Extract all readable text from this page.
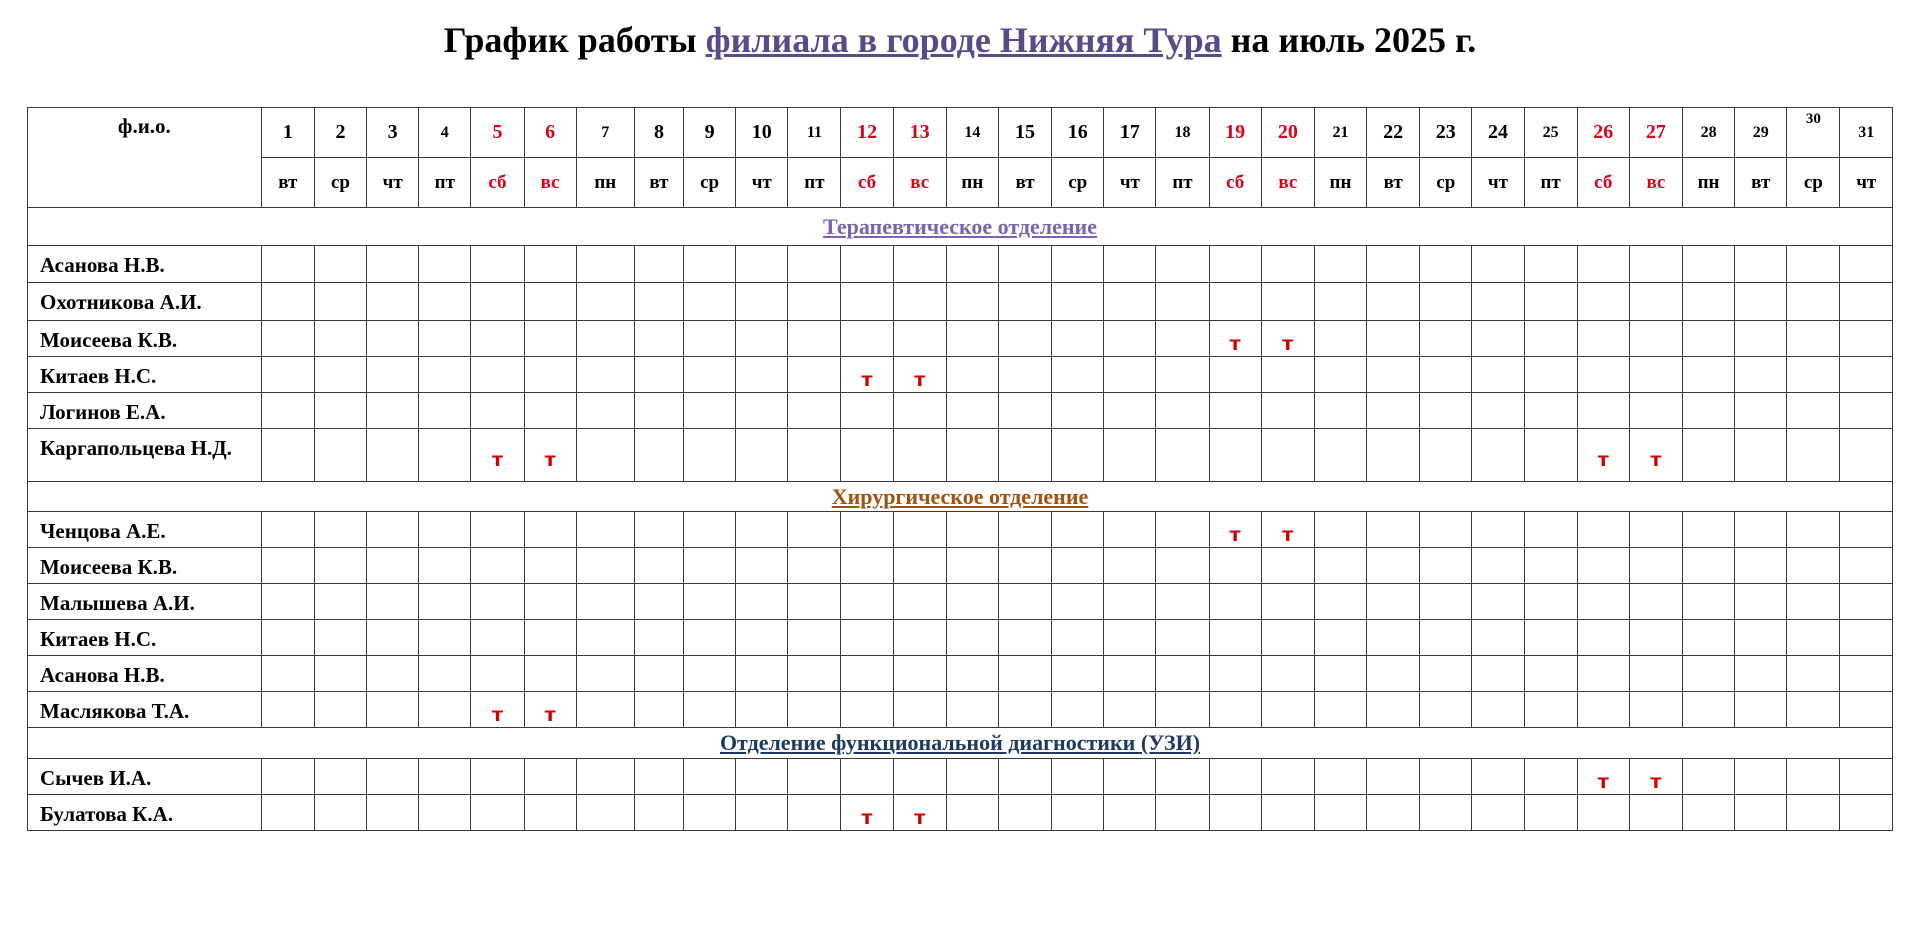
График работы филиала в городе Нижняя Тура на июль 2025 г.
ф.и.о.	1	2	3	4	5	6	7	8	9	10	11	12	13	14	15	16	17	18	19	20	21	22	23	24	25	26	27	28	29	30	31
	вт	ср	чт	пт	сб	вс	пн	вт	ср	чт	пт	сб	вс	пн	вт	ср	чт	пт	сб	вс	пн	вт	ср	чт	пт	сб	вс	пн	вт	ср	чт
Терапевтическое отделение																															
Асанова Н.В.																															
Охотникова А.И.																															
Моисеева К.В.																			т	т											
Китаев Н.С.												т	т																		
Логинов Е.А.																															
Каргапольцева Н.Д.					т	т																				т	т				
Хирургическое отделение																															
Ченцова А.Е.																			т	т											
Моисеева К.В.																															
Малышева А.И.																															
Китаев Н.С.																															
Асанова Н.В.																															
Маслякова Т.А.					т	т																									
Отделение функциональной диагностики (УЗИ)																															
Сычев И.А.																										т	т				
Булатова К.А.												т	т																		
